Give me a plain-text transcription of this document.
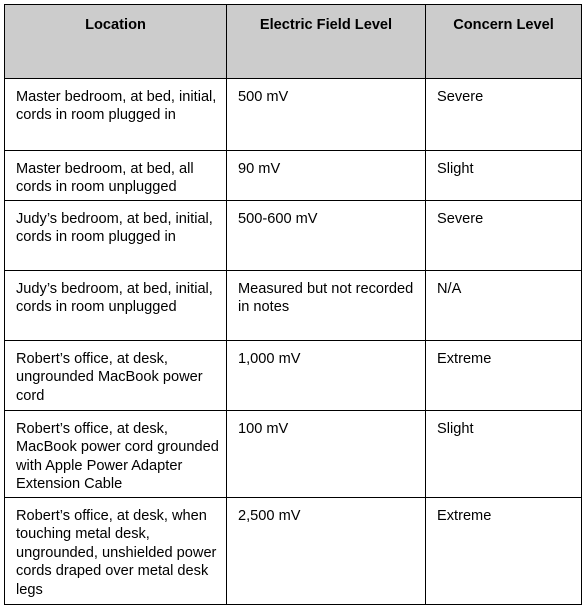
Location	Electric Field Level	Concern Level
Master bedroom, at bed, initial, cords in room plugged in	500 mV	Severe
Master bedroom, at bed, all cords in room unplugged	90 mV	Slight
Judy’s bedroom, at bed, initial, cords in room plugged in	500-600 mV	Severe
Judy’s bedroom, at bed, initial, cords in room unplugged	Measured but not recorded in notes	N/A
Robert’s office, at desk, ungrounded MacBook power cord	1,000 mV	Extreme
Robert’s office, at desk, MacBook power cord grounded with Apple Power Adapter Extension Cable	100 mV	Slight
Robert’s office, at desk, when touching metal desk, ungrounded, unshielded power cords draped over metal desk legs	2,500 mV	Extreme
